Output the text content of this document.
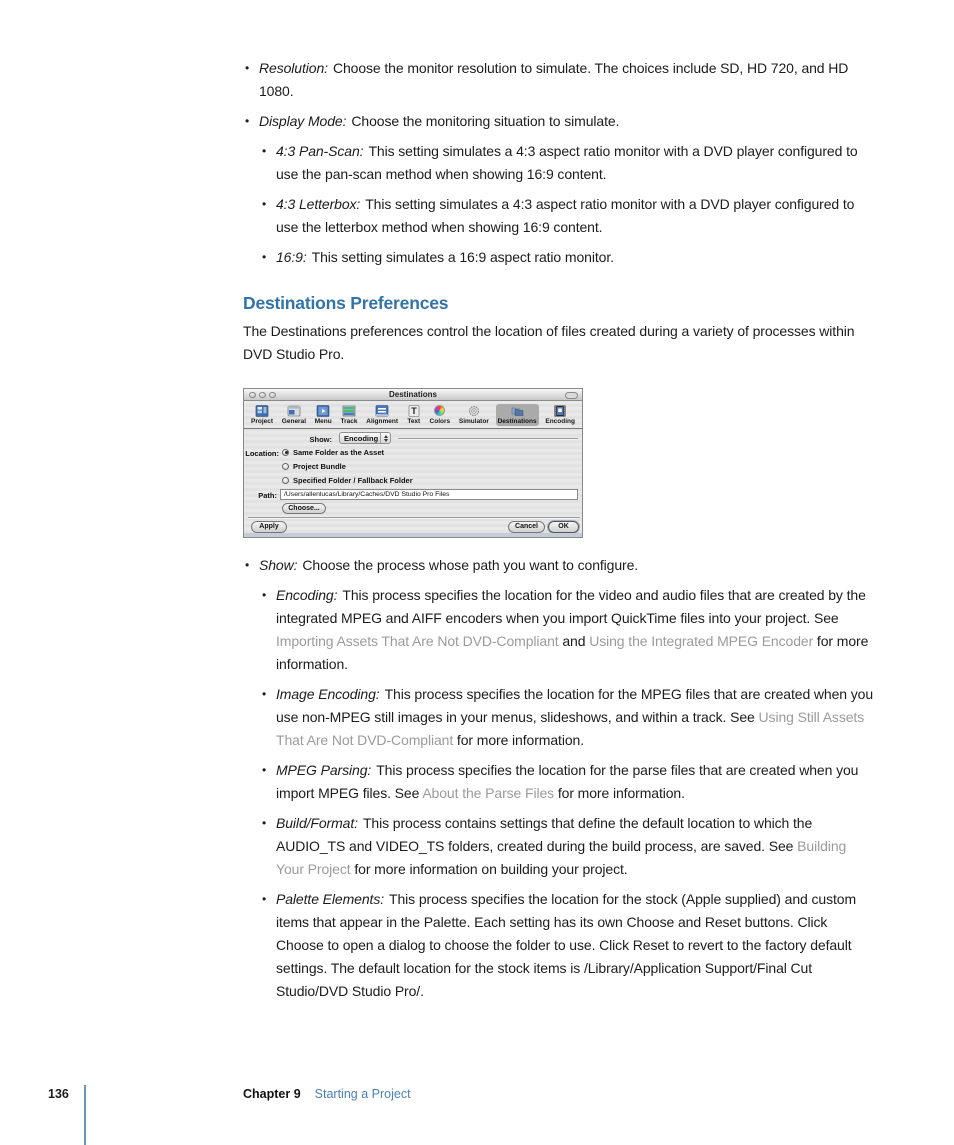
• Resolution: Choose the monitor resolution to simulate. The choices include SD, HD 720, and HD 1080.
• Display Mode: Choose the monitoring situation to simulate.
• 4:3 Pan-Scan: This setting simulates a 4:3 aspect ratio monitor with a DVD player configured to use the pan-scan method when showing 16:9 content.
• 4:3 Letterbox: This setting simulates a 4:3 aspect ratio monitor with a DVD player configured to use the letterbox method when showing 16:9 content.
• 16:9: This setting simulates a 16:9 aspect ratio monitor.
Destinations Preferences
The Destinations preferences control the location of files created during a variety of processes within DVD Studio Pro.
Destinations
Project General Menu Track Alignment
T
Text Colors Simulator Destinations Encoding
Show:	Encoding
Location: Same Folder as the Asset
Project Bundle
Specified Folder / Fallback Folder
Path:	/Users/allenlucas/Library/Caches/DVD Studio Pro Files
Choose...
Apply	Cancel	OK
• Show: Choose the process whose path you want to configure.
• Encoding: This process specifies the location for the video and audio files that are created by the integrated MPEG and AIFF encoders when you import QuickTime files into your project. See Importing Assets That Are Not DVD-Compliant and Using the Integrated MPEG Encoder for more information.
• Image Encoding: This process specifies the location for the MPEG files that are created when you use non-MPEG still images in your menus, slideshows, and within a track. See Using Still Assets That Are Not DVD-Compliant for more information.
• MPEG Parsing: This process specifies the location for the parse files that are created when you import MPEG files. See About the Parse Files for more information.
• Build/Format: This process contains settings that define the default location to which the AUDIO_TS and VIDEO_TS folders, created during the build process, are saved. See Building Your Project for more information on building your project.
• Palette Elements: This process specifies the location for the stock (Apple supplied) and custom items that appear in the Palette. Each setting has its own Choose and Reset buttons. Click Choose to open a dialog to choose the folder to use. Click Reset to revert to the factory default settings. The default location for the stock items is /Library/Application Support/Final Cut Studio/DVD Studio Pro/.
136	Chapter 9 Starting a Project
